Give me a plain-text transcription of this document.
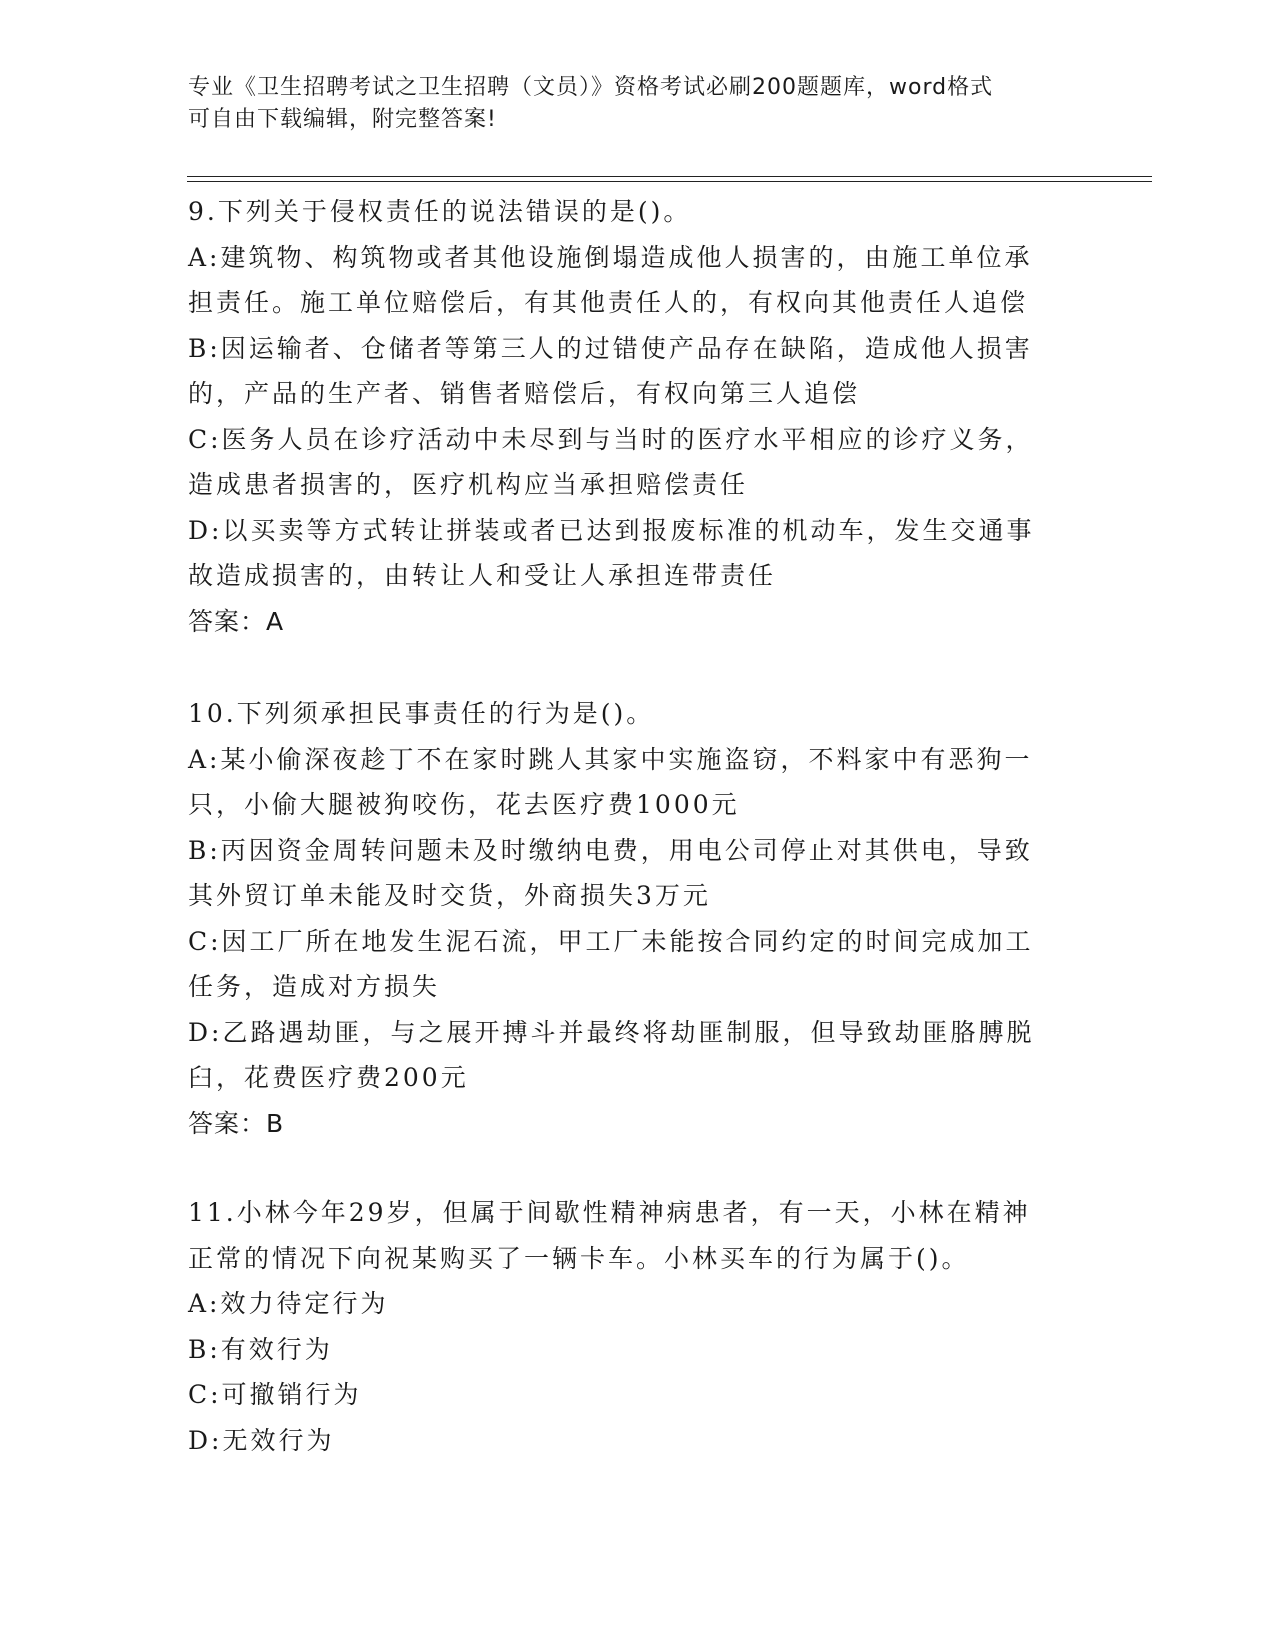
专业《卫生招聘考试之卫生招聘（文员）》资格考试必刷200题题库，word格式
可自由下载编辑，附完整答案!
9.下列关于侵权责任的说法错误的是()。
A:建筑物、构筑物或者其他设施倒塌造成他人损害的，由施工单位承
担责任。施工单位赔偿后，有其他责任人的，有权向其他责任人追偿
B:因运输者、仓储者等第三人的过错使产品存在缺陷，造成他人损害
的，产品的生产者、销售者赔偿后，有权向第三人追偿
C:医务人员在诊疗活动中未尽到与当时的医疗水平相应的诊疗义务，
造成患者损害的，医疗机构应当承担赔偿责任
D:以买卖等方式转让拼装或者已达到报废标准的机动车，发生交通事
故造成损害的，由转让人和受让人承担连带责任
答案：A
10.下列须承担民事责任的行为是()。
A:某小偷深夜趁丁不在家时跳人其家中实施盗窃，不料家中有恶狗一
只，小偷大腿被狗咬伤，花去医疗费1000元
B:丙因资金周转问题未及时缴纳电费，用电公司停止对其供电，导致
其外贸订单未能及时交货，外商损失3万元
C:因工厂所在地发生泥石流，甲工厂未能按合同约定的时间完成加工
任务，造成对方损失
D:乙路遇劫匪，与之展开搏斗并最终将劫匪制服，但导致劫匪胳膊脱
臼，花费医疗费200元
答案：B
11.小林今年29岁，但属于间歇性精神病患者，有一天，小林在精神
正常的情况下向祝某购买了一辆卡车。小林买车的行为属于()。
A:效力待定行为
B:有效行为
C:可撤销行为
D:无效行为
